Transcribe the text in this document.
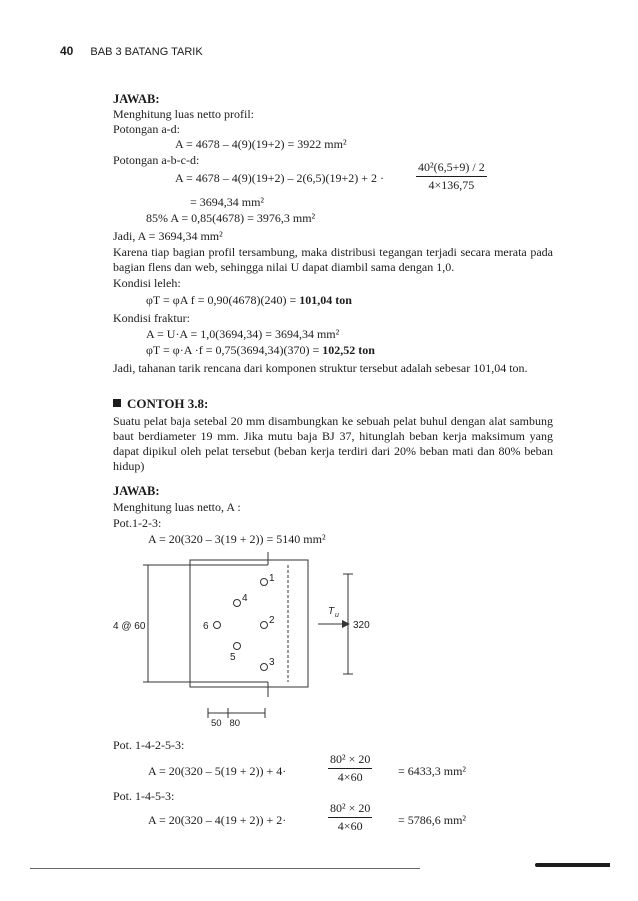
40 BAB 3 BATANG TARIK
JAWAB:
Menghitung luas netto profil:
Potongan a-d:
A = 4678 – 4(9)(19+2) = 3922 mm²
Potongan a-b-c-d:
A = 4678 – 4(9)(19+2) – 2(6,5)(19+2) + 2 ·	$\frac{\text{40²(6,5+9) / 2}}{4\times 136,75}$
= 3694,34 mm²
85% A = 0,85(4678) = 3976,3 mm²
Jadi, A = 3694,34 mm²
Karena tiap bagian profil tersambung, maka distribusi tegangan terjadi secara merata pada bagian flens dan web, sehingga nilai U dapat diambil sama dengan 1,0.
Kondisi leleh:
φT = φA f = 0,90(4678)(240) = 101,04 ton
Kondisi fraktur:
A = U·A = 1,0(3694,34) = 3694,34 mm²
φT = φ·A ·f = 0,75(3694,34)(370) = 102,52 ton
Jadi, tahanan tarik rencana dari komponen struktur tersebut adalah sebesar 101,04 ton.
CONTOH 3.8:
Suatu pelat baja setebal 20 mm disambungkan ke sebuah pelat buhul dengan alat sambung baut berdiameter 19 mm. Jika mutu baja BJ 37, hitunglah beban kerja maksimum yang dapat dipikul oleh pelat tersebut (beban kerja terdiri dari 20% beban mati dan 80% beban hidup)
JAWAB:
Menghitung luas netto, A :
Pot.1-2-3:
A = 20(320 – 3(19 + 2)) = 5140 mm²
1
4
2
6
5	3
4 @ 60	320
T u
50   80
Pot. 1-4-2-5-3:
A = 20(320 – 5(19 + 2)) + 4·	$\frac{\text{80² × 20}}{4\times 60} = 6433,3$ mm²
Pot. 1-4-5-3:
A = 20(320 – 4(19 + 2)) + 2·	$\frac{\text{80² × 20}}{4\times 60} = 5786,6$ mm²
